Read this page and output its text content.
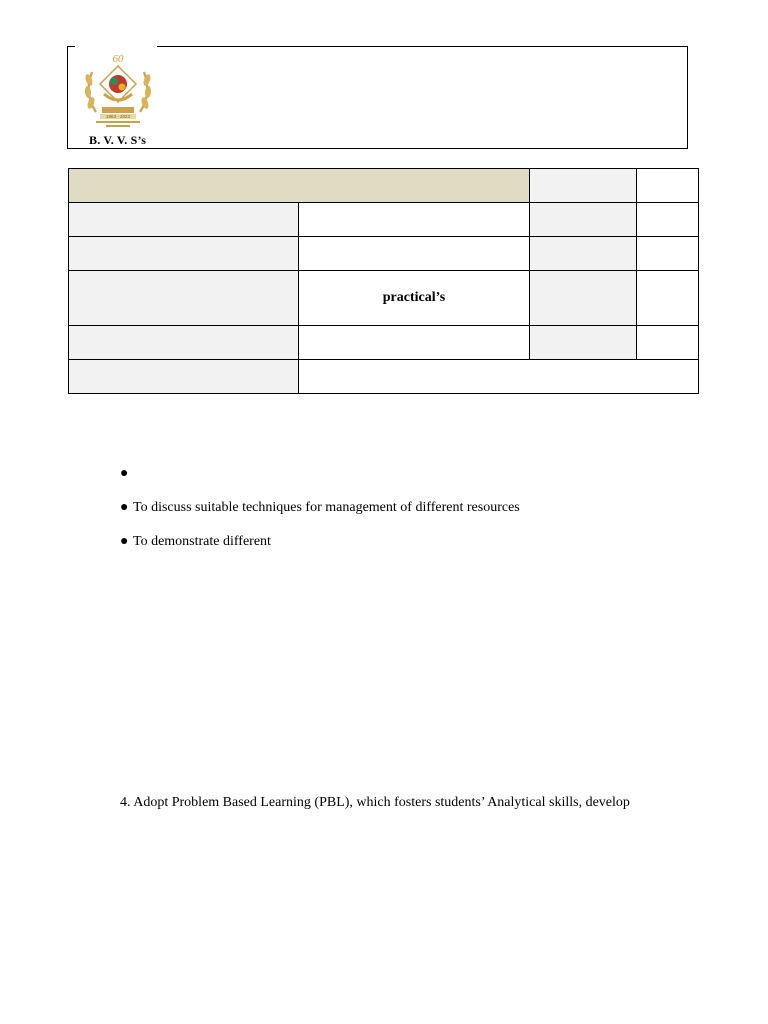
60
1963 - 2023
B. V. V. S’s

	practical’s		

●
● To discuss suitable techniques for management of different resources
● To demonstrate different
4. Adopt Problem Based Learning (PBL), which fosters students’ Analytical skills, develop
